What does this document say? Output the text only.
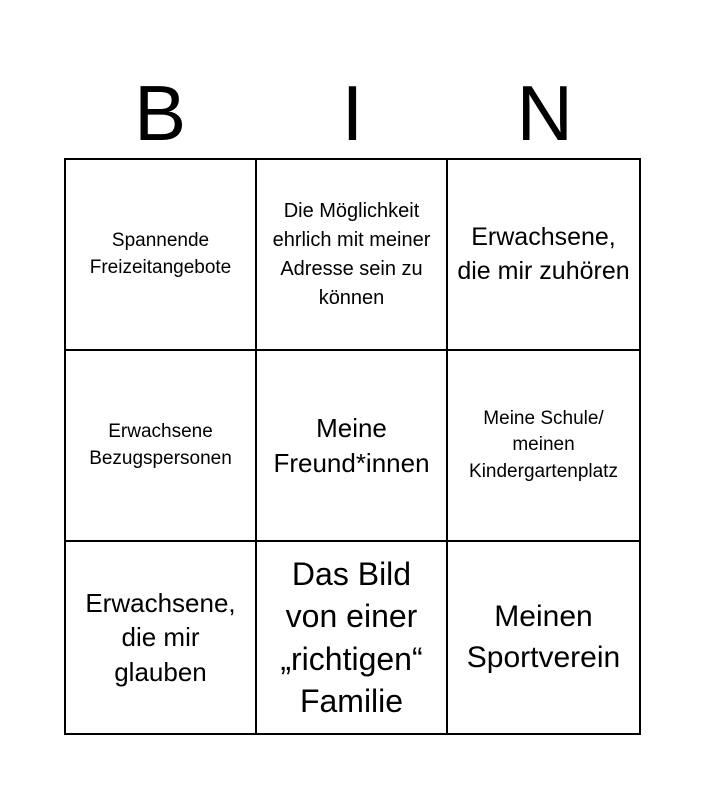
B	I	N
Spannende Freizeitangebote
Die Möglichkeit ehrlich mit meiner Adresse sein zu können
Erwachsene, die mir zuhören
Erwachsene Bezugspersonen
Meine Freund*innen
Meine Schule/ meinen Kindergartenplatz
Erwachsene, die mir glauben
Das Bild von einer „richtigen“ Familie
Meinen Sportverein
